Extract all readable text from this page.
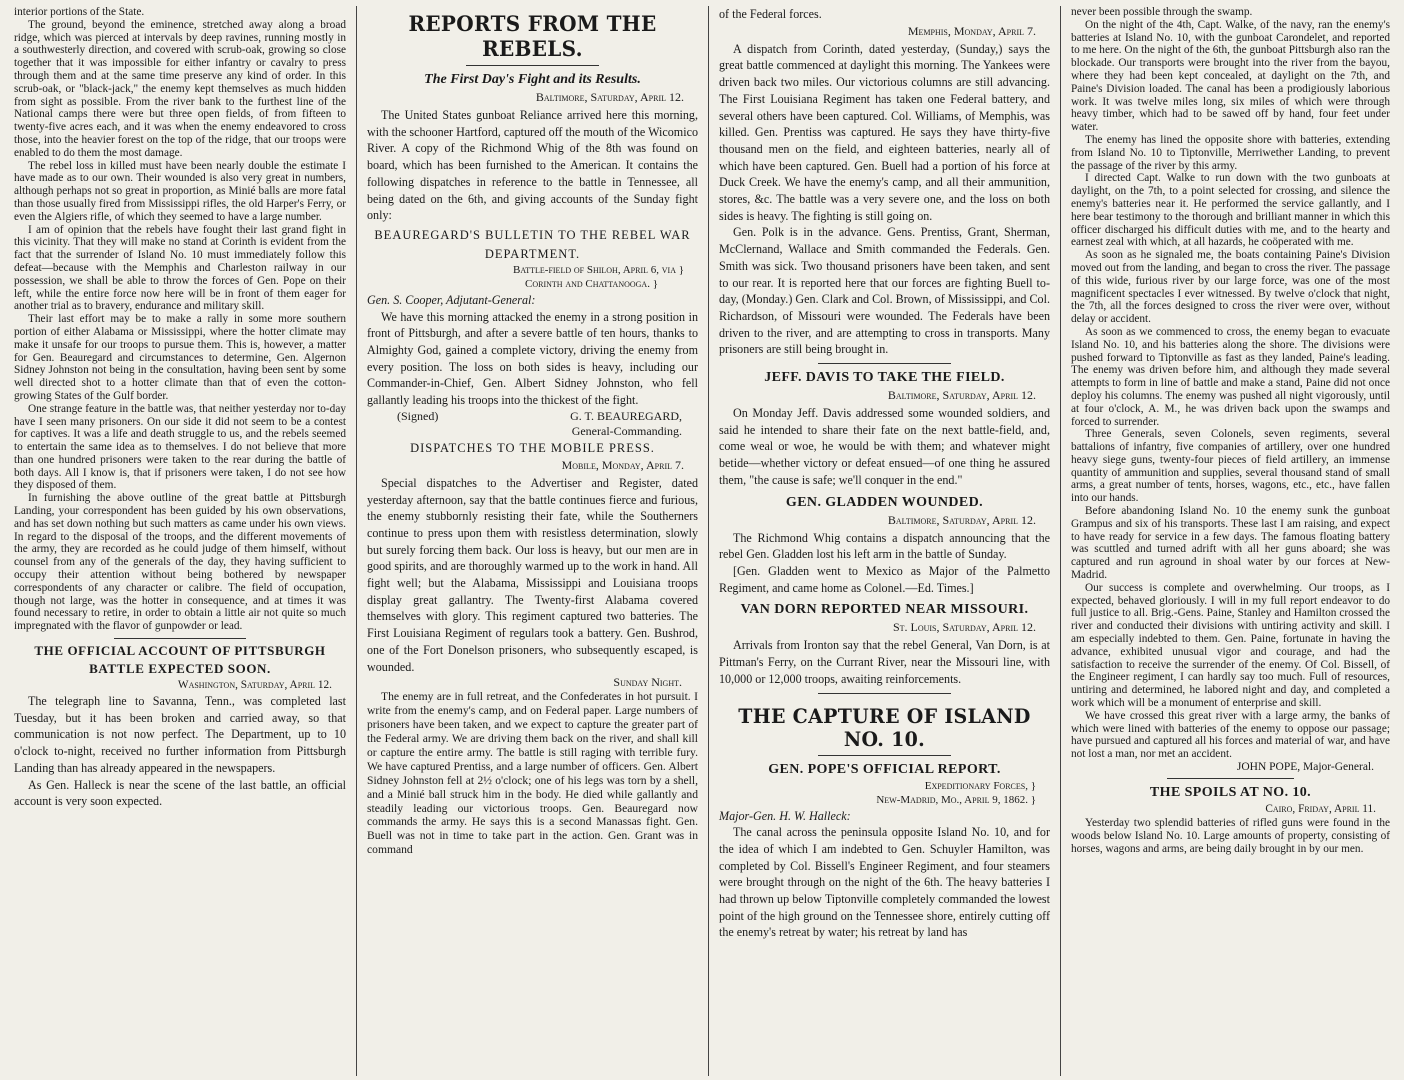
interior portions of the State.

The ground, beyond the eminence, stretched away along a broad ridge, which was pierced at intervals by deep ravines, running mostly in a southwesterly direction, and covered with scrub-oak, growing so close together that it was impossible for either infantry or cavalry to press through them and at the same time preserve any kind of order. In this scrub-oak, or "black-jack," the enemy kept themselves as much hidden from sight as possible. From the river bank to the furthest line of the National camps there were but three open fields, of from fifteen to twenty-five acres each, and it was when the enemy endeavored to cross those, into the heavier forest on the top of the ridge, that our troops were enabled to do them the most damage.

The rebel loss in killed must have been nearly double the estimate I have made as to our own. Their wounded is also very great in numbers, although perhaps not so great in proportion, as Minié balls are more fatal than those usually fired from Mississippi rifles, the old Harper's Ferry, or even the Algiers rifle, of which they seemed to have a large number.

I am of opinion that the rebels have fought their last grand fight in this vicinity. That they will make no stand at Corinth is evident from the fact that the surrender of Island No. 10 must immediately follow this defeat—because with the Memphis and Charleston railway in our possession, we shall be able to throw the forces of Gen. Pope on their left, while the entire force now here will be in front of them eager for another trial as to bravery, endurance and military skill.

Their last effort may be to make a rally in some more southern portion of either Alabama or Mississippi, where the hotter climate may make it unsafe for our troops to pursue them. This is, however, a matter for Gen. Beauregard and circumstances to determine, Gen. Algernon Sidney Johnston not being in the consultation, having been sent by some well directed shot to a hotter climate than that of even the cotton-growing States of the Gulf border.

One strange feature in the battle was, that neither yesterday nor to-day have I seen many prisoners. On our side it did not seem to be a contest for captives. It was a life and death struggle to us, and the rebels seemed to entertain the same idea as to themselves. I do not believe that more than one hundred prisoners were taken to the rear during the battle of both days. All I know is, that if prisoners were taken, I do not see how they disposed of them.

In furnishing the above outline of the great battle at Pittsburgh Landing, your correspondent has been guided by his own observations, and has set down nothing but such matters as came under his own views. In regard to the disposal of the troops, and the different movements of the army, they are recorded as he could judge of them himself, without counsel from any of the generals of the day, they having sufficient to occupy their attention without being bothered by newspaper correspondents of any character or calibre. The field of occupation, though not large, was the hotter in consequence, and at times it was found necessary to retire, in order to obtain a little air not quite so much impregnated with the flavor of gunpowder or lead.

THE OFFICIAL ACCOUNT OF PITTSBURGH
BATTLE EXPECTED SOON.
Washington, Saturday, April 12.

The telegraph line to Savanna, Tenn., was completed last Tuesday, but it has been broken and carried away, so that communication is not now perfect. The Department, up to 10 o'clock to-night, received no further information from Pittsburgh Landing than has already appeared in the newspapers.

As Gen. Halleck is near the scene of the last battle, an official account is very soon expected.

REPORTS FROM THE REBELS.
The First Day's Fight and its Results.
Baltimore, Saturday, April 12.

The United States gunboat Reliance arrived here this morning, with the schooner Hartford, captured off the mouth of the Wicomico River. A copy of the Richmond Whig of the 8th was found on board, which has been furnished to the American. It contains the following dispatches in reference to the battle in Tennessee, all being dated on the 6th, and giving accounts of the Sunday fight only:

BEAUREGARD'S BULLETIN TO THE REBEL WAR
DEPARTMENT.
Battle-field of Shiloh, April 6, via }
Corinth and Chattanooga. }

Gen. S. Cooper, Adjutant-General:

We have this morning attacked the enemy in a strong position in front of Pittsburgh, and after a severe battle of ten hours, thanks to Almighty God, gained a complete victory, driving the enemy from every position. The loss on both sides is heavy, including our Commander-in-Chief, Gen. Albert Sidney Johnston, who fell gallantly leading his troops into the thickest of the fight.

(Signed)	G. T. BEAUREGARD,
General-Commanding.
DISPATCHES TO THE MOBILE PRESS.
Mobile, Monday, April 7.

Special dispatches to the Advertiser and Register, dated yesterday afternoon, say that the battle continues fierce and furious, the enemy stubbornly resisting their fate, while the Southerners continue to press upon them with resistless determination, slowly but surely forcing them back. Our loss is heavy, but our men are in good spirits, and are thoroughly warmed up to the work in hand. All fight well; but the Alabama, Mississippi and Louisiana troops display great gallantry. The Twenty-first Alabama covered themselves with glory. This regiment captured two batteries. The First Louisiana Regiment of regulars took a battery. Gen. Bushrod, one of the Fort Donelson prisoners, who subsequently escaped, is wounded.

Sunday Night.

The enemy are in full retreat, and the Confederates in hot pursuit. I write from the enemy's camp, and on Federal paper. Large numbers of prisoners have been taken, and we expect to capture the greater part of the Federal army. We are driving them back on the river, and shall kill or capture the entire army. The battle is still raging with terrible fury. We have captured Prentiss, and a large number of officers. Gen. Albert Sidney Johnston fell at 2½ o'clock; one of his legs was torn by a shell, and a Minié ball struck him in the body. He died while gallantly and steadily leading our victorious troops. Gen. Beauregard now commands the army. He says this is a second Manassas fight. Gen. Buell was not in time to take part in the action. Gen. Grant was in command

of the Federal forces.

Memphis, Monday, April 7.

A dispatch from Corinth, dated yesterday, (Sunday,) says the great battle commenced at daylight this morning. The Yankees were driven back two miles. Our victorious columns are still advancing. The First Louisiana Regiment has taken one Federal battery, and several others have been captured. Col. Williams, of Memphis, was killed. Gen. Prentiss was captured. He says they have thirty-five thousand men on the field, and eighteen batteries, nearly all of which have been captured. Gen. Buell had a portion of his force at Duck Creek. We have the enemy's camp, and all their ammunition, stores, &c. The battle was a very severe one, and the loss on both sides is heavy. The fighting is still going on.

Gen. Polk is in the advance. Gens. Prentiss, Grant, Sherman, McClernand, Wallace and Smith commanded the Federals. Gen. Smith was sick. Two thousand prisoners have been taken, and sent to our rear. It is reported here that our forces are fighting Buell to-day, (Monday.) Gen. Clark and Col. Brown, of Mississippi, and Col. Richardson, of Missouri were wounded. The Federals have been driven to the river, and are attempting to cross in transports. Many prisoners are still being brought in.

JEFF. DAVIS TO TAKE THE FIELD.
Baltimore, Saturday, April 12.

On Monday Jeff. Davis addressed some wounded soldiers, and said he intended to share their fate on the next battle-field, and, come weal or woe, he would be with them; and whatever might betide—whether victory or defeat ensued—of one thing he assured them, "the cause is safe; we'll conquer in the end."

GEN. GLADDEN WOUNDED.
Baltimore, Saturday, April 12.

The Richmond Whig contains a dispatch announcing that the rebel Gen. Gladden lost his left arm in the battle of Sunday.

[Gen. Gladden went to Mexico as Major of the Palmetto Regiment, and came home as Colonel.—Ed. Times.]

VAN DORN REPORTED NEAR MISSOURI.
St. Louis, Saturday, April 12.

Arrivals from Ironton say that the rebel General, Van Dorn, is at Pittman's Ferry, on the Currant River, near the Missouri line, with 10,000 or 12,000 troops, awaiting reinforcements.

THE CAPTURE OF ISLAND NO. 10.
GEN. POPE'S OFFICIAL REPORT.
Expeditionary Forces, }
New-Madrid, Mo., April 9, 1862. }

Major-Gen. H. W. Halleck:

The canal across the peninsula opposite Island No. 10, and for the idea of which I am indebted to Gen. Schuyler Hamilton, was completed by Col. Bissell's Engineer Regiment, and four steamers were brought through on the night of the 6th. The heavy batteries I had thrown up below Tiptonville completely commanded the lowest point of the high ground on the Tennessee shore, entirely cutting off the enemy's retreat by water; his retreat by land has

never been possible through the swamp.

On the night of the 4th, Capt. Walke, of the navy, ran the enemy's batteries at Island No. 10, with the gunboat Carondelet, and reported to me here. On the night of the 6th, the gunboat Pittsburgh also ran the blockade. Our transports were brought into the river from the bayou, where they had been kept concealed, at daylight on the 7th, and Paine's Division loaded. The canal has been a prodigiously laborious work. It was twelve miles long, six miles of which were through heavy timber, which had to be sawed off by hand, four feet under water.

The enemy has lined the opposite shore with batteries, extending from Island No. 10 to Tiptonville, Merriwether Landing, to prevent the passage of the river by this army.

I directed Capt. Walke to run down with the two gunboats at daylight, on the 7th, to a point selected for crossing, and silence the enemy's batteries near it. He performed the service gallantly, and I here bear testimony to the thorough and brilliant manner in which this officer discharged his difficult duties with me, and to the hearty and earnest zeal with which, at all hazards, he coöperated with me.

As soon as he signaled me, the boats containing Paine's Division moved out from the landing, and began to cross the river. The passage of this wide, furious river by our large force, was one of the most magnificent spectacles I ever witnessed. By twelve o'clock that night, the 7th, all the forces designed to cross the river were over, without delay or accident.

As soon as we commenced to cross, the enemy began to evacuate Island No. 10, and his batteries along the shore. The divisions were pushed forward to Tiptonville as fast as they landed, Paine's leading. The enemy was driven before him, and although they made several attempts to form in line of battle and make a stand, Paine did not once deploy his columns. The enemy was pushed all night vigorously, until at four o'clock, A. M., he was driven back upon the swamps and forced to surrender.

Three Generals, seven Colonels, seven regiments, several battalions of infantry, five companies of artillery, over one hundred heavy siege guns, twenty-four pieces of field artillery, an immense quantity of ammunition and supplies, several thousand stand of small arms, a great number of tents, horses, wagons, etc., etc., have fallen into our hands.

Before abandoning Island No. 10 the enemy sunk the gunboat Grampus and six of his transports. These last I am raising, and expect to have ready for service in a few days. The famous floating battery was scuttled and turned adrift with all her guns aboard; she was captured and run aground in shoal water by our forces at New-Madrid.

Our success is complete and overwhelming. Our troops, as I expected, behaved gloriously. I will in my full report endeavor to do full justice to all. Brig.-Gens. Paine, Stanley and Hamilton crossed the river and conducted their divisions with untiring activity and skill. I am especially indebted to them. Gen. Paine, fortunate in having the advance, exhibited unusual vigor and courage, and had the satisfaction to receive the surrender of the enemy. Of Col. Bissell, of the Engineer regiment, I can hardly say too much. Full of resources, untiring and determined, he labored night and day, and completed a work which will be a monument of enterprise and skill.

We have crossed this great river with a large army, the banks of which were lined with batteries of the enemy to oppose our passage; have pursued and captured all his forces and material of war, and have not lost a man, nor met an accident.

JOHN POPE, Major-General.
THE SPOILS AT NO. 10.
Cairo, Friday, April 11.

Yesterday two splendid batteries of rifled guns were found in the woods below Island No. 10. Large amounts of property, consisting of horses, wagons and arms, are being daily brought in by our men.
